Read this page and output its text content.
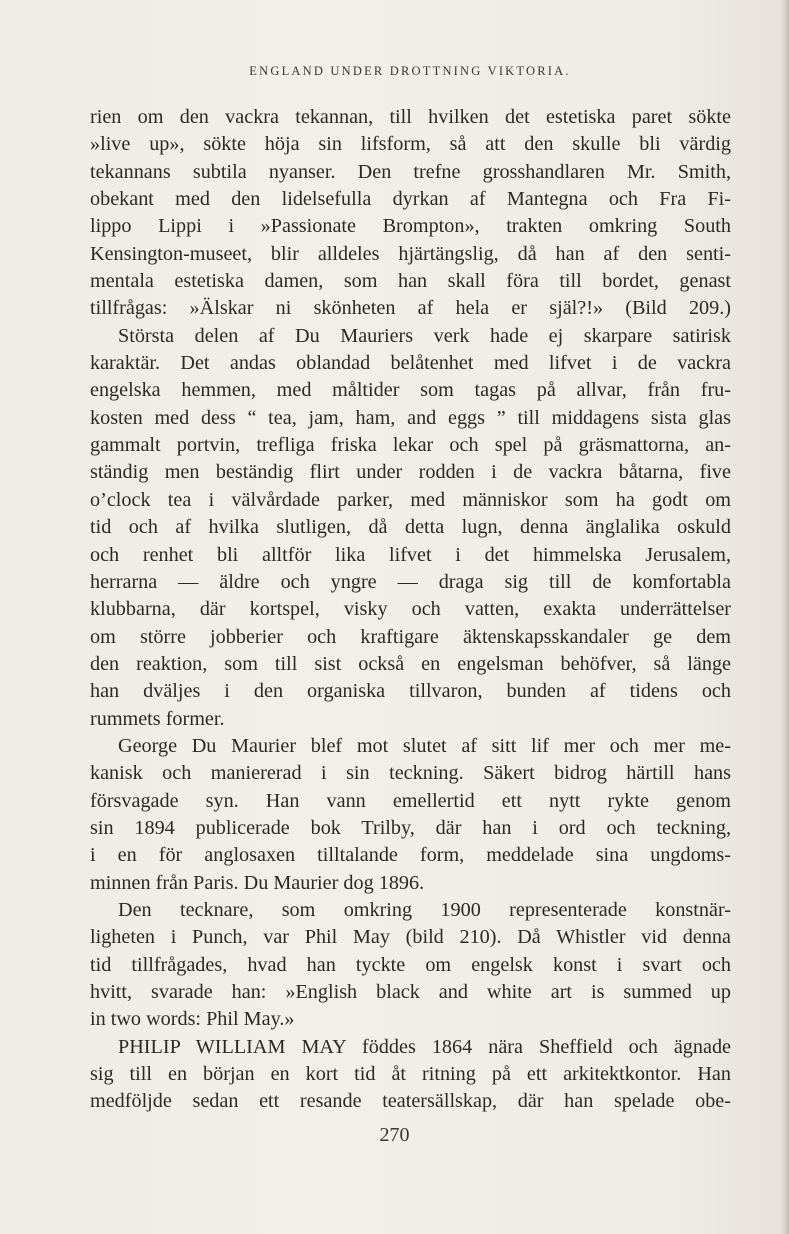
ENGLAND UNDER DROTTNING VIKTORIA.
rien om den vackra tekannan, till hvilken det estetiska paret sökte
»live up», sökte höja sin lifsform, så att den skulle bli värdig
tekannans subtila nyanser. Den trefne grosshandlaren Mr. Smith,
obekant med den lidelsefulla dyrkan af Mantegna och Fra Fi-
lippo Lippi i »Passionate Brompton», trakten omkring South
Kensington-museet, blir alldeles hjärtängslig, då han af den senti-
mentala estetiska damen, som han skall föra till bordet, genast
tillfrågas: »Älskar ni skönheten af hela er själ?!» (Bild 209.)
Största delen af Du Mauriers verk hade ej skarpare satirisk
karaktär. Det andas oblandad belåtenhet med lifvet i de vackra
engelska hemmen, med måltider som tagas på allvar, från fru-
kosten med dess “ tea, jam, ham, and eggs ” till middagens sista glas
gammalt portvin, trefliga friska lekar och spel på gräsmattorna, an-
ständig men beständig flirt under rodden i de vackra båtarna, five
o’clock tea i välvårdade parker, med människor som ha godt om
tid och af hvilka slutligen, då detta lugn, denna änglalika oskuld
och renhet bli alltför lika lifvet i det himmelska Jerusalem,
herrarna — äldre och yngre — draga sig till de komfortabla
klubbarna, där kortspel, visky och vatten, exakta underrättelser
om större jobberier och kraftigare äktenskapsskandaler ge dem
den reaktion, som till sist också en engelsman behöfver, så länge
han dväljes i den organiska tillvaron, bunden af tidens och
rummets former.
George Du Maurier blef mot slutet af sitt lif mer och mer me-
kanisk och maniererad i sin teckning. Säkert bidrog härtill hans
försvagade syn. Han vann emellertid ett nytt rykte genom
sin 1894 publicerade bok Trilby, där han i ord och teckning,
i en för anglosaxen tilltalande form, meddelade sina ungdoms-
minnen från Paris. Du Maurier dog 1896.
Den tecknare, som omkring 1900 representerade konstnär-
ligheten i Punch, var Phil May (bild 210). Då Whistler vid denna
tid tillfrågades, hvad han tyckte om engelsk konst i svart och
hvitt, svarade han: »English black and white art is summed up
in two words: Phil May.»
PHILIP WILLIAM MAY föddes 1864 nära Sheffield och ägnade
sig till en början en kort tid åt ritning på ett arkitektkontor. Han
medföljde sedan ett resande teatersällskap, där han spelade obe-
270
